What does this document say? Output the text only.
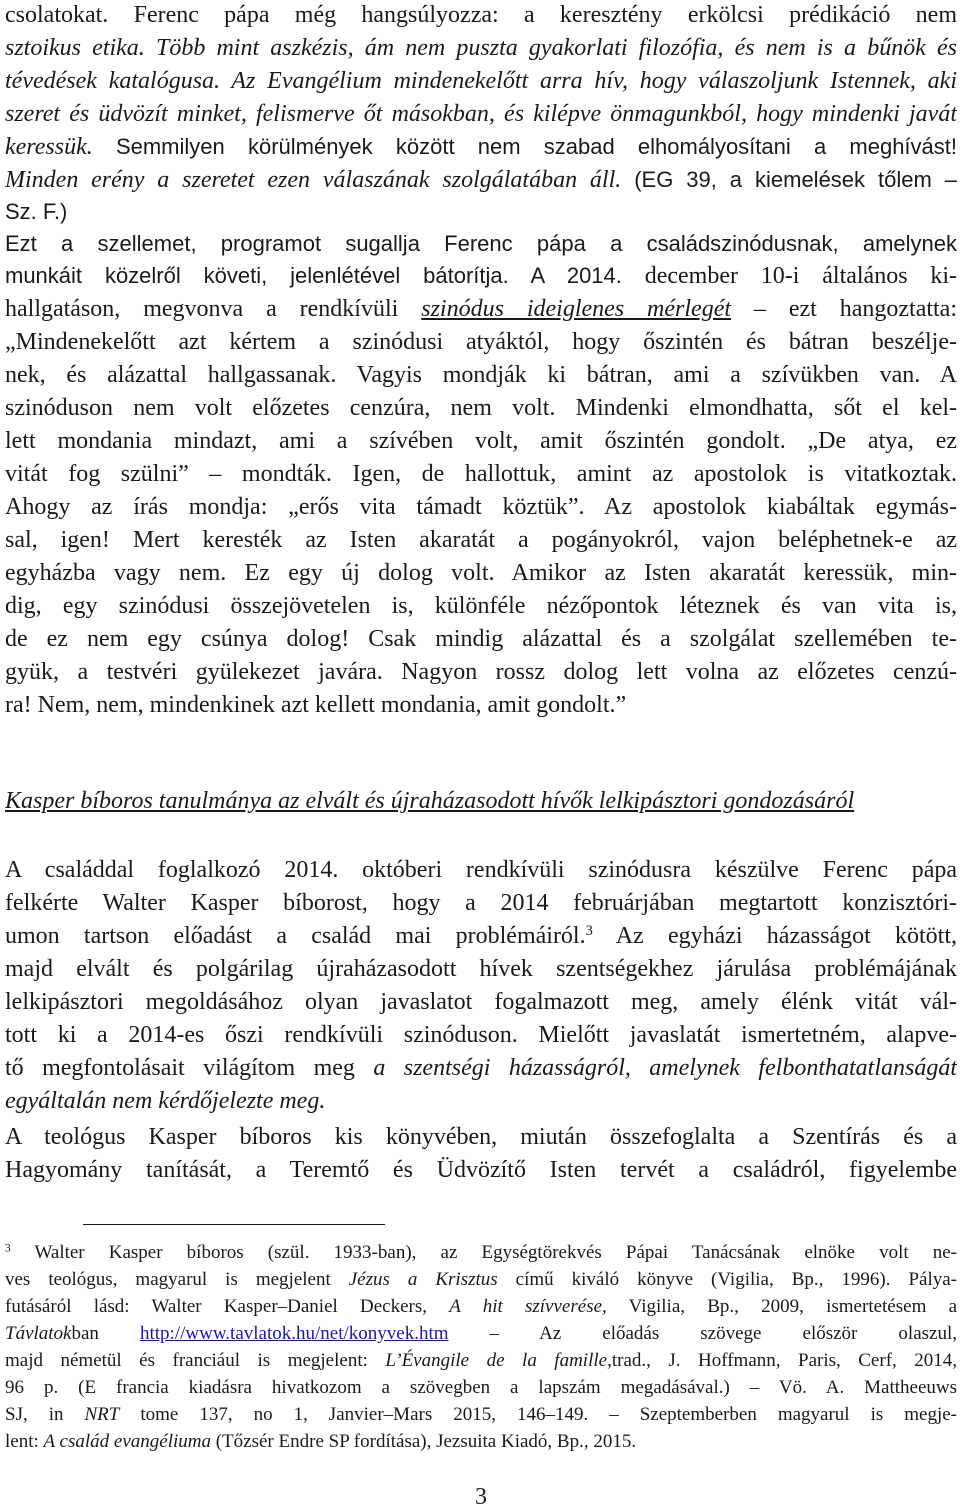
csolatokat. Ferenc pápa még hangsúlyozza: a keresztény erkölcsi prédikáció nem
sztoikus etika. Több mint aszkézis, ám nem puszta gyakorlati filozófia, és nem is a bűnök és
tévedések katalógusa. Az Evangélium mindenekelőtt arra hív, hogy válaszoljunk Istennek, aki
szeret és üdvözít minket, felismerve őt másokban, és kilépve önmagunkból, hogy mindenki javát
keressük. Semmilyen körülmények között nem szabad elhomályosítani a meghívást!
Minden erény a szeretet ezen válaszának szolgálatában áll. (EG 39, a kiemelések tőlem –
Sz. F.)
Ezt a szellemet, programot sugallja Ferenc pápa a családszinódusnak, amelynek
munkáit közelről követi, jelenlétével bátorítja. A 2014. december 10-i általános ki-
hallgatáson, megvonva a rendkívüli szinódus ideiglenes mérlegét – ezt hangoztatta:
„Mindenekelőtt azt kértem a szinódusi atyáktól, hogy őszintén és bátran beszélje-
nek, és alázattal hallgassanak. Vagyis mondják ki bátran, ami a szívükben van. A
szinóduson nem volt előzetes cenzúra, nem volt. Mindenki elmondhatta, sőt el kel-
lett mondania mindazt, ami a szívében volt, amit őszintén gondolt. „De atya, ez
vitát fog szülni” – mondták. Igen, de hallottuk, amint az apostolok is vitatkoztak.
Ahogy az írás mondja: „erős vita támadt köztük”. Az apostolok kiabáltak egymás-
sal, igen! Mert keresték az Isten akaratát a pogányokról, vajon beléphetnek-e az
egyházba vagy nem. Ez egy új dolog volt. Amikor az Isten akaratát keressük, min-
dig, egy szinódusi összejövetelen is, különféle nézőpontok léteznek és van vita is,
de ez nem egy csúnya dolog! Csak mindig alázattal és a szolgálat szellemében te-
gyük, a testvéri gyülekezet javára. Nagyon rossz dolog lett volna az előzetes cenzú-
ra! Nem, nem, mindenkinek azt kellett mondania, amit gondolt.”
Kasper bíboros tanulmánya az elvált és újraházasodott hívők lelkipásztori gondozásáról
A családdal foglalkozó 2014. októberi rendkívüli szinódusra készülve Ferenc pápa
felkérte Walter Kasper bíborost, hogy a 2014 februárjában megtartott konzisztóri-
umon tartson előadást a család mai problémáiról.$^3$ Az egyházi házasságot kötött,
majd elvált és polgárilag újraházasodott hívek szentségekhez járulása problémájának
lelkipásztori megoldásához olyan javaslatot fogalmazott meg, amely élénk vitát vál-
tott ki a 2014-es őszi rendkívüli szinóduson. Mielőtt javaslatát ismertetném, alapve-
tő megfontolásait világítom meg a szentségi házasságról, amelynek felbonthatatlanságát
egyáltalán nem kérdőjelezte meg.
A teológus Kasper bíboros kis könyvében, miután összefoglalta a Szentírás és a
Hagyomány tanítását, a Teremtő és Üdvözítő Isten tervét a családról, figyelembe
$^3$ Walter Kasper bíboros (szül. 1933-ban), az Egységtörekvés Pápai Tanácsának elnöke volt ne-
ves teológus, magyarul is megjelent Jézus a Krisztus című kiváló könyve (Vigilia, Bp., 1996). Pálya-
futásáról lásd: Walter Kasper–Daniel Deckers, A hit szívverése, Vigilia, Bp., 2009, ismertetésem a
Távlatokban http://www.tavlatok.hu/net/konyvek.htm – Az előadás szövege először olaszul,
majd németül és franciául is megjelent: L’Évangile de la famille,trad., J. Hoffmann, Paris, Cerf, 2014,
96 p. (E francia kiadásra hivatkozom a szövegben a lapszám megadásával.) – Vö. A. Mattheeuws
SJ, in NRT tome 137, no 1, Janvier–Mars 2015, 146–149. – Szeptemberben magyarul is megje-
lent: A család evangéliuma (Tőzsér Endre SP fordítása), Jezsuita Kiadó, Bp., 2015.
3
